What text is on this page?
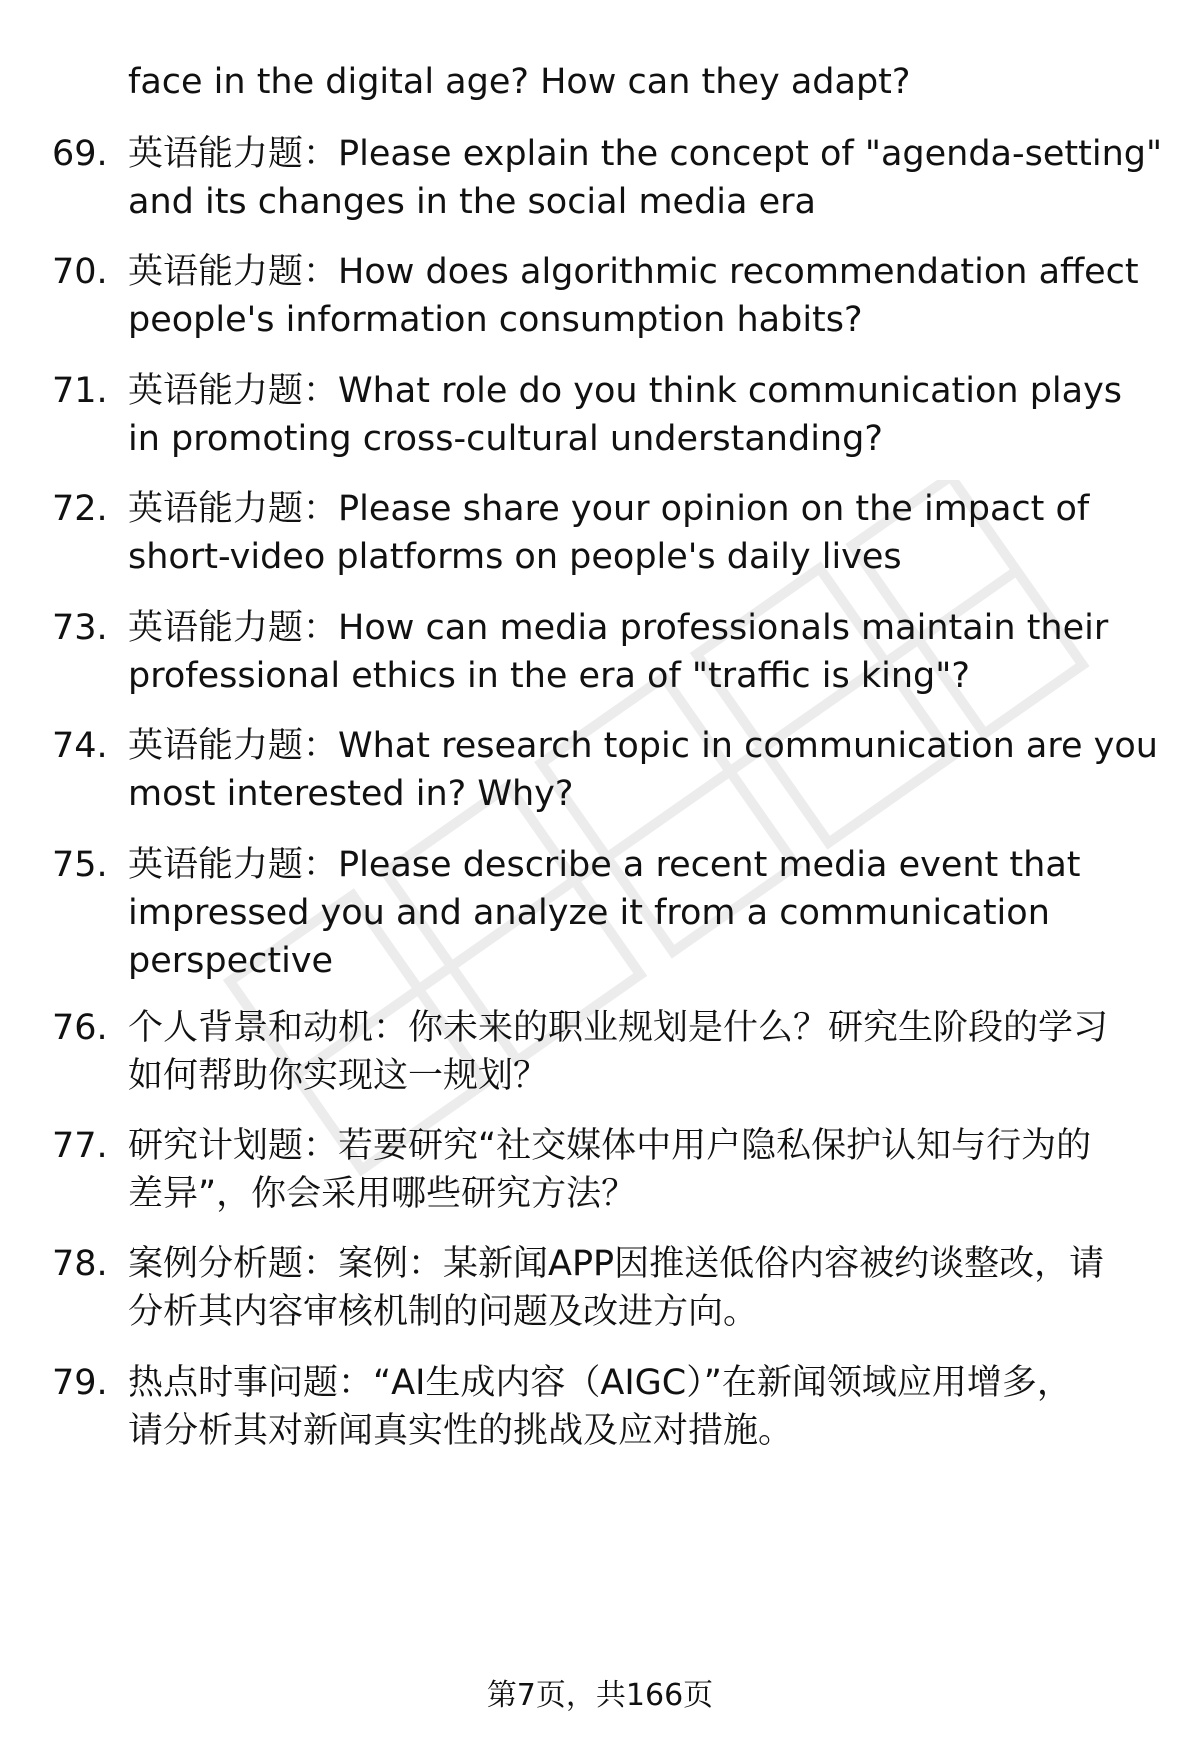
face in the digital age? How can they adapt?
69. 英语能力题：Please explain the concept of "agenda-setting"
and its changes in the social media era
70. 英语能力题：How does algorithmic recommendation affect
people's information consumption habits?
71. 英语能力题：What role do you think communication plays
in promoting cross-cultural understanding?
72. 英语能力题：Please share your opinion on the impact of
short-video platforms on people's daily lives
73. 英语能力题：How can media professionals maintain their
professional ethics in the era of "traffic is king"?
74. 英语能力题：What research topic in communication are you
most interested in? Why?
75. 英语能力题：Please describe a recent media event that
impressed you and analyze it from a communication
perspective
76. 个人背景和动机：你未来的职业规划是什么？研究生阶段的学习
如何帮助你实现这一规划？
77. 研究计划题：若要研究“社交媒体中用户隐私保护认知与行为的
差异”，你会采用哪些研究方法？
78. 案例分析题：案例：某新闻APP因推送低俗内容被约谈整改，请
分析其内容审核机制的问题及改进方向。
79. 热点时事问题：“AI生成内容（AIGC）”在新闻领域应用增多，
请分析其对新闻真实性的挑战及应对措施。
第7页，共166页
